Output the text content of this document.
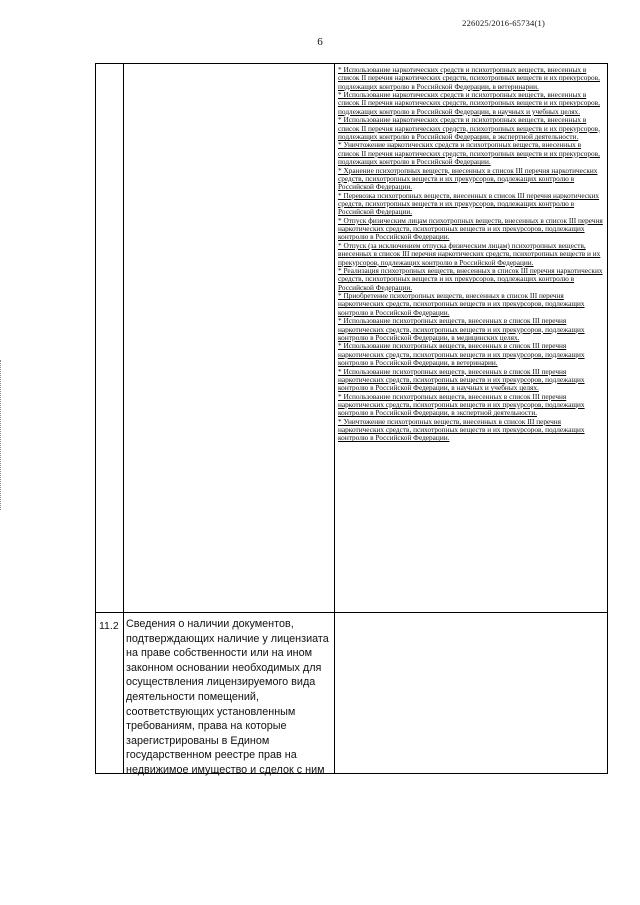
226025/2016-65734(1)
6
* Использование наркотических средств и психотропных веществ, внесенных в список II перечня наркотических средств, психотропных веществ и их прекурсоров, подлежащих контролю в Российской Федерации, в ветеринарии.
* Использование наркотических средств и психотропных веществ, внесенных в список II перечня наркотических средств, психотропных веществ и их прекурсоров, подлежащих контролю в Российской Федерации, в научных и учебных целях.
* Использование наркотических средств и психотропных веществ, внесенных в список II перечня наркотических средств, психотропных веществ и их прекурсоров, подлежащих контролю в Российской Федерации, в экспертной деятельности.
* Уничтожение наркотических средств и психотропных веществ, внесенных в список II перечня наркотических средств, психотропных веществ и их прекурсоров, подлежащих контролю в Российской Федерации.
* Хранение психотропных веществ, внесенных в список III перечня наркотических средств, психотропных веществ и их прекурсоров, подлежащих контролю в Российской Федерации.
* Перевозка психотропных веществ, внесенных в список III перечня наркотических средств, психотропных веществ и их прекурсоров, подлежащих контролю в Российской Федерации.
* Отпуск физическим лицам психотропных веществ, внесенных в список III перечня наркотических средств, психотропных веществ и их прекурсоров, подлежащих контролю в Российской Федерации.
* Отпуск (за исключением отпуска физическим лицам) психотропных веществ, внесенных в список III перечня наркотических средств, психотропных веществ и их прекурсоров, подлежащих контролю в Российской Федерации.
* Реализация психотропных веществ, внесенных в список III перечня наркотических средств, психотропных веществ и их прекурсоров, подлежащих контролю в Российской Федерации.
* Приобретение психотропных веществ, внесенных в список III перечня наркотических средств, психотропных веществ и их прекурсоров, подлежащих контролю в Российской Федерации.
* Использование психотропных веществ, внесенных в список III перечня наркотических средств, психотропных веществ и их прекурсоров, подлежащих контролю в Российской Федерации, в медицинских целях.
* Использование психотропных веществ, внесенных в список III перечня наркотических средств, психотропных веществ и их прекурсоров, подлежащих контролю в Российской Федерации, в ветеринарии.
* Использование психотропных веществ, внесенных в список III перечня наркотических средств, психотропных веществ и их прекурсоров, подлежащих контролю в Российской Федерации, в научных и учебных целях.
* Использование психотропных веществ, внесенных в список III перечня наркотических средств, психотропных веществ и их прекурсоров, подлежащих контролю в Российской Федерации, в экспертной деятельности.
* Уничтожение психотропных веществ, внесенных в список III перечня наркотических средств, психотропных веществ и их прекурсоров, подлежащих контролю в Российской Федерации.
11.2 Сведения о наличии документов, подтверждающих наличие у лицензиата на праве собственности или на ином законном основании необходимых для осуществления лицензируемого вида деятельности помещений, соответствующих установленным требованиям, права на которые зарегистрированы в Едином государственном реестре прав на недвижимое имущество и сделок с ним
